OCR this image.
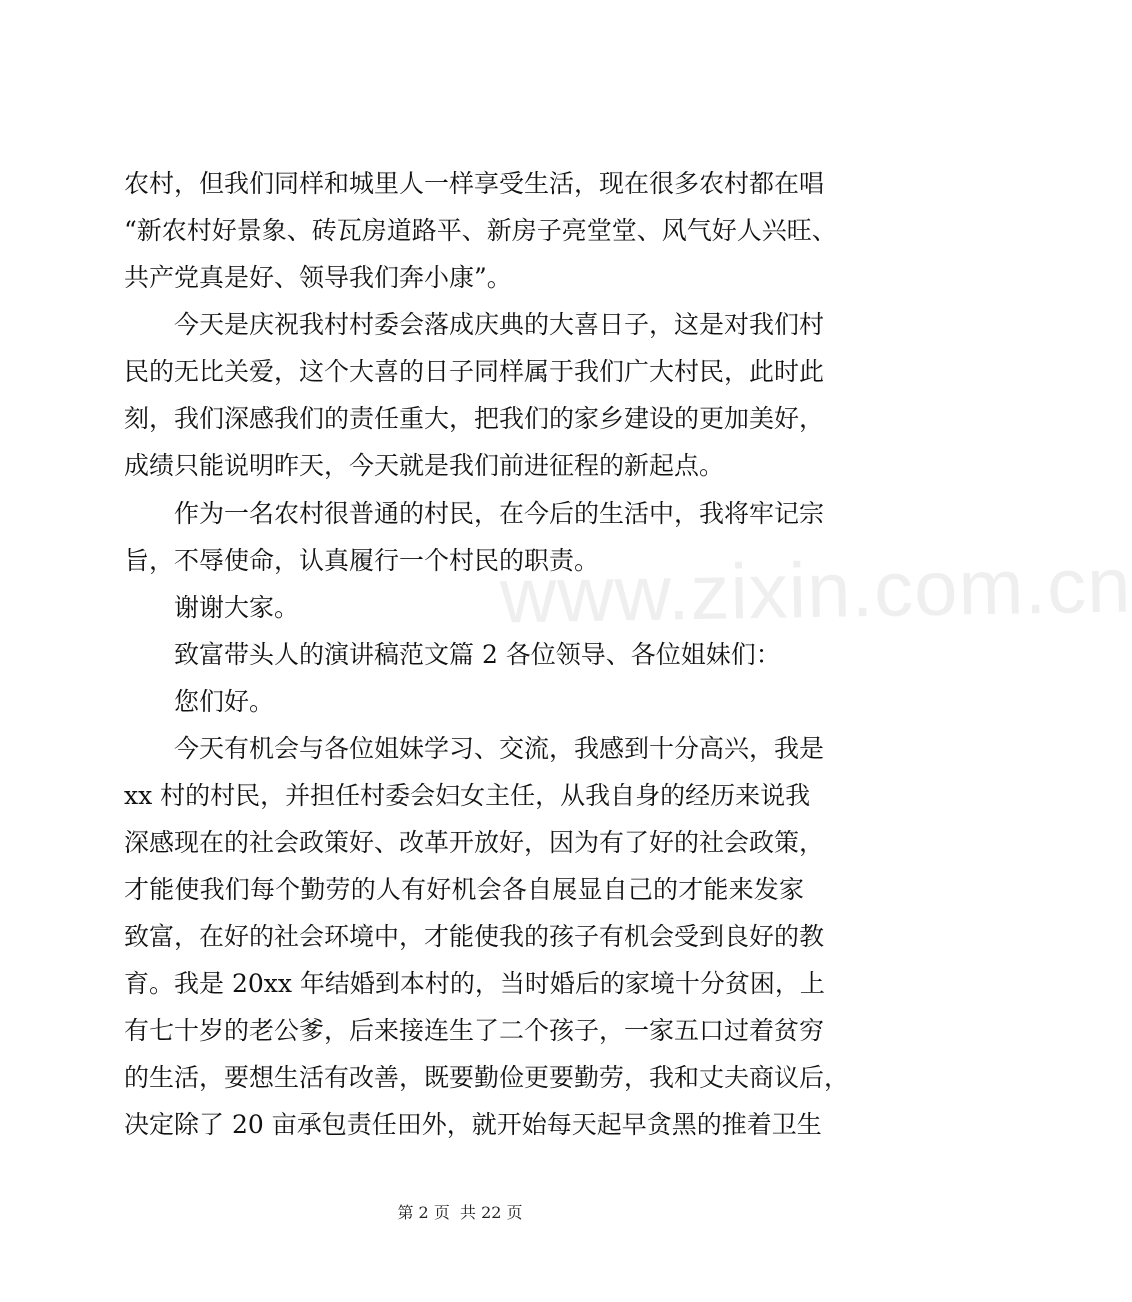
www.zixin.com.cn
农村，但我们同样和城里人一样享受生活，现在很多农村都在唱
“新农村好景象、砖瓦房道路平、新房子亮堂堂、风气好人兴旺、
共产党真是好、领导我们奔小康”。
今天是庆祝我村村委会落成庆典的大喜日子，这是对我们村
民的无比关爱，这个大喜的日子同样属于我们广大村民，此时此
刻，我们深感我们的责任重大，把我们的家乡建设的更加美好，
成绩只能说明昨天，今天就是我们前进征程的新起点。
作为一名农村很普通的村民，在今后的生活中，我将牢记宗
旨，不辱使命，认真履行一个村民的职责。
谢谢大家。
致富带头人的演讲稿范文篇 2 各位领导、各位姐妹们：
您们好。
今天有机会与各位姐妹学习、交流，我感到十分高兴，我是
xx 村的村民，并担任村委会妇女主任，从我自身的经历来说我
深感现在的社会政策好、改革开放好，因为有了好的社会政策，
才能使我们每个勤劳的人有好机会各自展显自己的才能来发家
致富，在好的社会环境中，才能使我的孩子有机会受到良好的教
育。我是 20xx 年结婚到本村的，当时婚后的家境十分贫困，上
有七十岁的老公爹，后来接连生了二个孩子，一家五口过着贫穷
的生活，要想生活有改善，既要勤俭更要勤劳，我和丈夫商议后，
决定除了 20 亩承包责任田外，就开始每天起早贪黑的推着卫生
第 2 页  共 22 页
